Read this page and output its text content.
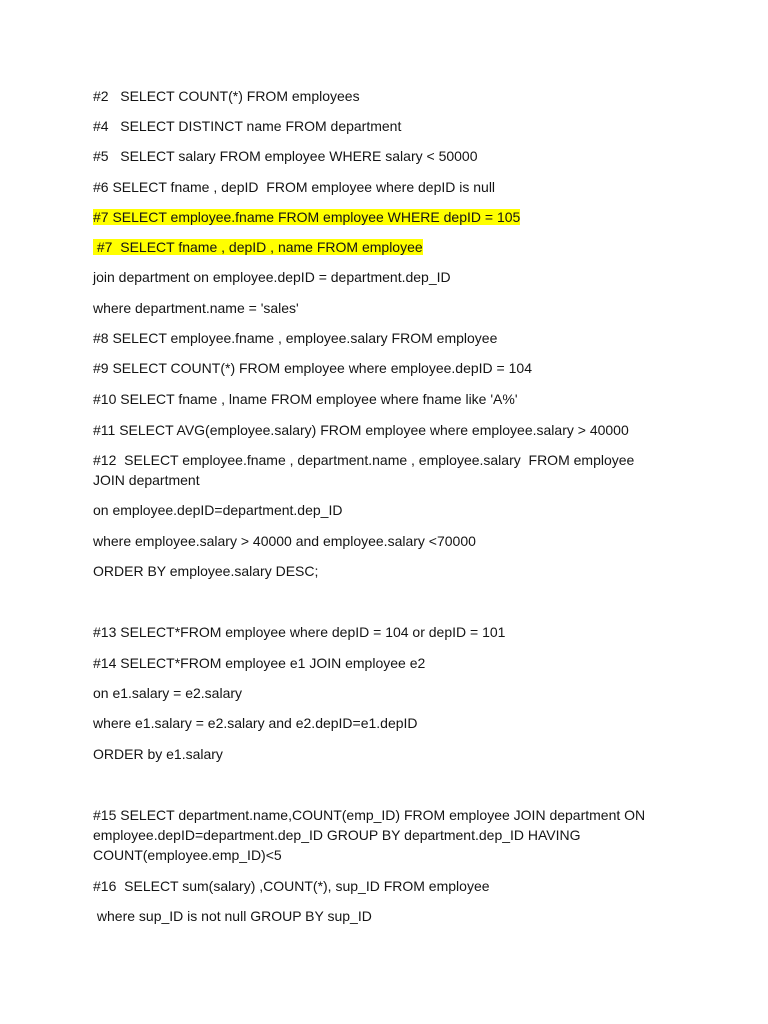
#2   SELECT COUNT(*) FROM employees

#4   SELECT DISTINCT name FROM department

#5   SELECT salary FROM employee WHERE salary < 50000

#6 SELECT fname , depID  FROM employee where depID is null

#7 SELECT employee.fname FROM employee WHERE depID = 105

#7  SELECT fname , depID , name FROM employee

join department on employee.depID = department.dep_ID

where department.name = 'sales'

#8 SELECT employee.fname , employee.salary FROM employee

#9 SELECT COUNT(*) FROM employee where employee.depID = 104

#10 SELECT fname , lname FROM employee where fname like 'A%'

#11 SELECT AVG(employee.salary) FROM employee where employee.salary > 40000

#12  SELECT employee.fname , department.name , employee.salary  FROM employee
JOIN department

on employee.depID=department.dep_ID

where employee.salary > 40000 and employee.salary <70000

ORDER BY employee.salary DESC;

#13 SELECT*FROM employee where depID = 104 or depID = 101

#14 SELECT*FROM employee e1 JOIN employee e2

on e1.salary = e2.salary

where e1.salary = e2.salary and e2.depID=e1.depID

ORDER by e1.salary

#15 SELECT department.name,COUNT(emp_ID) FROM employee JOIN department ON
employee.depID=department.dep_ID GROUP BY department.dep_ID HAVING
COUNT(employee.emp_ID)<5

#16  SELECT sum(salary) ,COUNT(*), sup_ID FROM employee

where sup_ID is not null GROUP BY sup_ID
